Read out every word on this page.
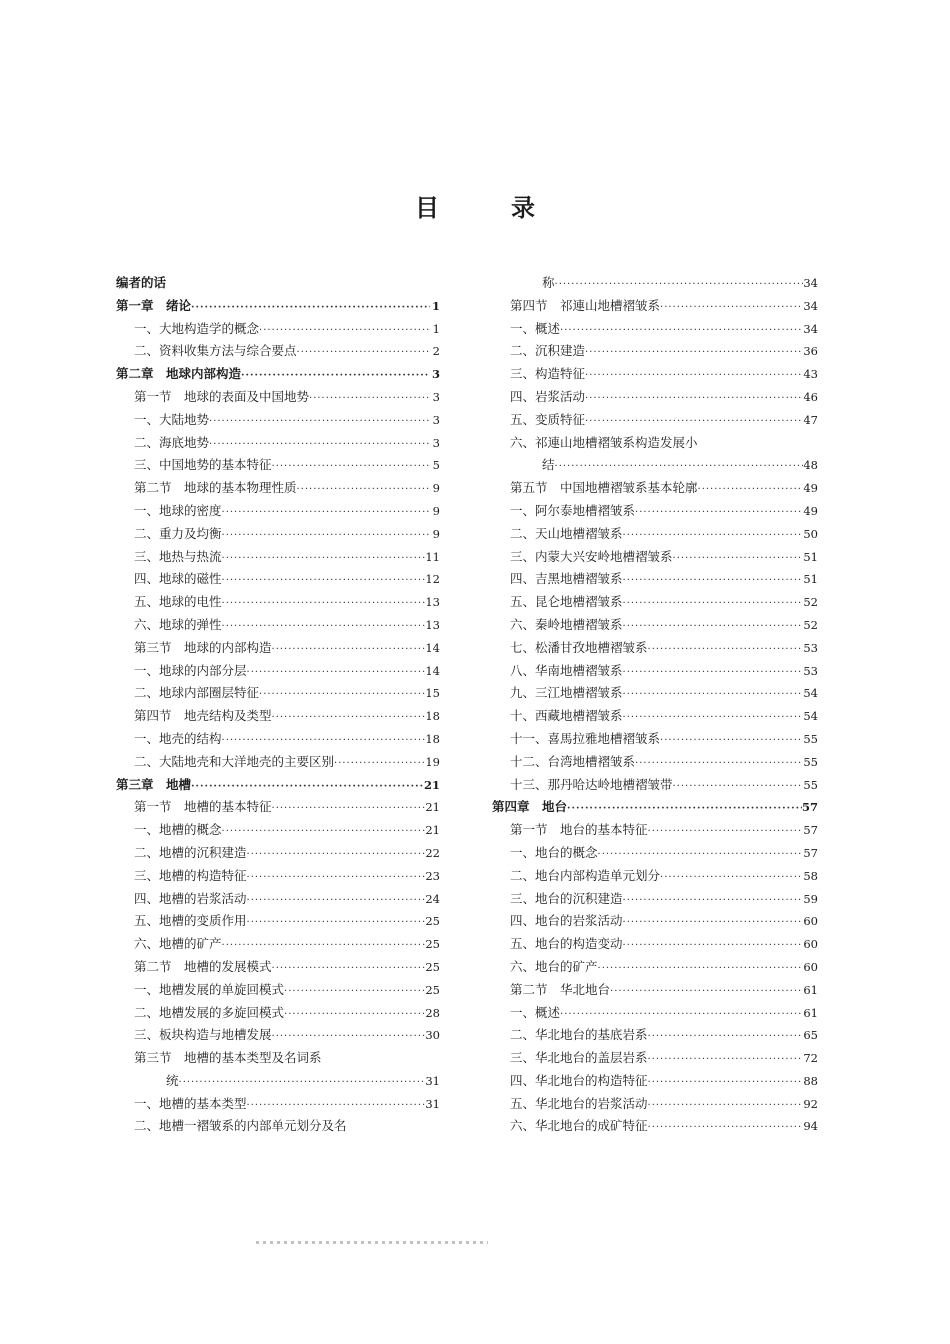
目	录
编者的话
第一章　绪论 ·····	1
一、大地构造学的概念 ·····	1
二、资料收集方法与综合要点 ·····	2
第二章　地球内部构造 ·····	3
第一节　地球的表面及中国地势 ·····	3
一、大陆地势 ·····	3
二、海底地势 ·····	3
三、中国地势的基本特征 ·····	5
第二节　地球的基本物理性质 ·····	9
一、地球的密度 ·····	9
二、重力及均衡 ·····	9
三、地热与热流 ·····	11
四、地球的磁性 ·····	12
五、地球的电性 ·····	13
六、地球的弹性 ·····	13
第三节　地球的内部构造 ·····	14
一、地球的内部分层 ·····	14
二、地球内部圈层特征 ·····	15
第四节　地壳结构及类型 ·····	18
一、地壳的结构 ·····	18
二、大陆地壳和大洋地壳的主要区别 ·····	19
第三章　地槽 ·····	21
第一节　地槽的基本特征 ·····	21
一、地槽的概念 ·····	21
二、地槽的沉积建造 ·····	22
三、地槽的构造特征 ·····	23
四、地槽的岩浆活动 ·····	24
五、地槽的变质作用 ·····	25
六、地槽的矿产 ·····	25
第二节　地槽的发展模式 ·····	25
一、地槽发展的单旋回模式 ·····	25
二、地槽发展的多旋回模式 ·····	28
三、板块构造与地槽发展 ·····	30
第三节　地槽的基本类型及名词系
统 ·····	31
一、地槽的基本类型 ·····	31
二、地槽一褶皱系的内部单元划分及名
称 ·····	34
第四节　祁連山地槽褶皱系 ·····	34
一、概述 ·····	34
二、沉积建造 ·····	36
三、构造特征 ·····	43
四、岩浆活动 ·····	46
五、变质特征 ·····	47
六、祁連山地槽褶皱系构造发展小
结 ·····	48
第五节　中国地槽褶皱系基本轮廓 ·····	49
一、阿尔泰地槽褶皱系 ·····	49
二、天山地槽褶皱系 ·····	50
三、内蒙大兴安岭地槽褶皱系 ·····	51
四、吉黑地槽褶皱系 ·····	51
五、昆仑地槽褶皱系 ·····	52
六、秦岭地槽褶皱系 ·····	52
七、松潘甘孜地槽褶皱系 ·····	53
八、华南地槽褶皱系 ·····	53
九、三江地槽褶皱系 ·····	54
十、西藏地槽褶皱系 ·····	54
十一、喜馬拉雅地槽褶皱系 ·····	55
十二、台湾地槽褶皱系 ·····	55
十三、那丹哈达岭地槽褶皱带 ·····	55
第四章　地台 ·····	57
第一节　地台的基本特征 ·····	57
一、地台的概念 ·····	57
二、地台内部构造单元划分 ·····	58
三、地台的沉积建造 ·····	59
四、地台的岩浆活动 ·····	60
五、地台的构造变动 ·····	60
六、地台的矿产 ·····	60
第二节　华北地台 ·····	61
一、概述 ·····	61
二、华北地台的基底岩系 ·····	65
三、华北地台的盖层岩系 ·····	72
四、华北地台的构造特征 ·····	88
五、华北地台的岩浆活动 ·····	92
六、华北地台的成矿特征 ·····	94
